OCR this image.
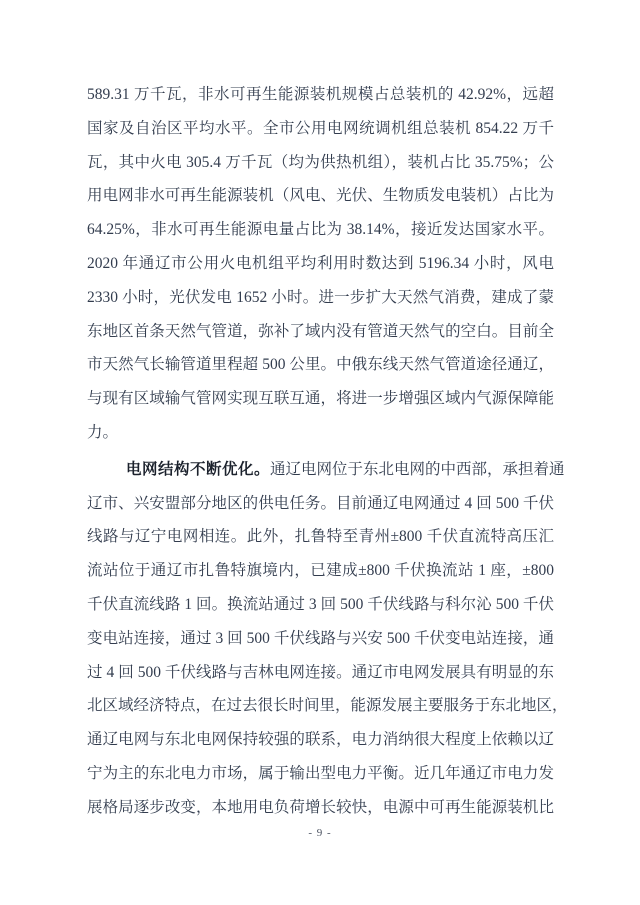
589.31 万千瓦，非水可再生能源装机规模占总装机的 42.92%，远超
国家及自治区平均水平。全市公用电网统调机组总装机 854.22 万千
瓦，其中火电 305.4 万千瓦（均为供热机组），装机占比 35.75%；公
用电网非水可再生能源装机（风电、光伏、生物质发电装机）占比为
64.25%，非水可再生能源电量占比为 38.14%，接近发达国家水平。
2020 年通辽市公用火电机组平均利用时数达到 5196.34 小时，风电
2330 小时，光伏发电 1652 小时。进一步扩大天然气消费，建成了蒙
东地区首条天然气管道，弥补了域内没有管道天然气的空白。目前全
市天然气长输管道里程超 500 公里。中俄东线天然气管道途径通辽，
与现有区域输气管网实现互联互通，将进一步增强区域内气源保障能
力。
电网结构不断优化。通辽电网位于东北电网的中西部，承担着通
辽市、兴安盟部分地区的供电任务。目前通辽电网通过 4 回 500 千伏
线路与辽宁电网相连。此外，扎鲁特至青州±800 千伏直流特高压汇
流站位于通辽市扎鲁特旗境内，已建成±800 千伏换流站 1 座，±800
千伏直流线路 1 回。换流站通过 3 回 500 千伏线路与科尔沁 500 千伏
变电站连接，通过 3 回 500 千伏线路与兴安 500 千伏变电站连接，通
过 4 回 500 千伏线路与吉林电网连接。通辽市电网发展具有明显的东
北区域经济特点，在过去很长时间里，能源发展主要服务于东北地区，
通辽电网与东北电网保持较强的联系，电力消纳很大程度上依赖以辽
宁为主的东北电力市场，属于输出型电力平衡。近几年通辽市电力发
展格局逐步改变，本地用电负荷增长较快，电源中可再生能源装机比
- 9 -
